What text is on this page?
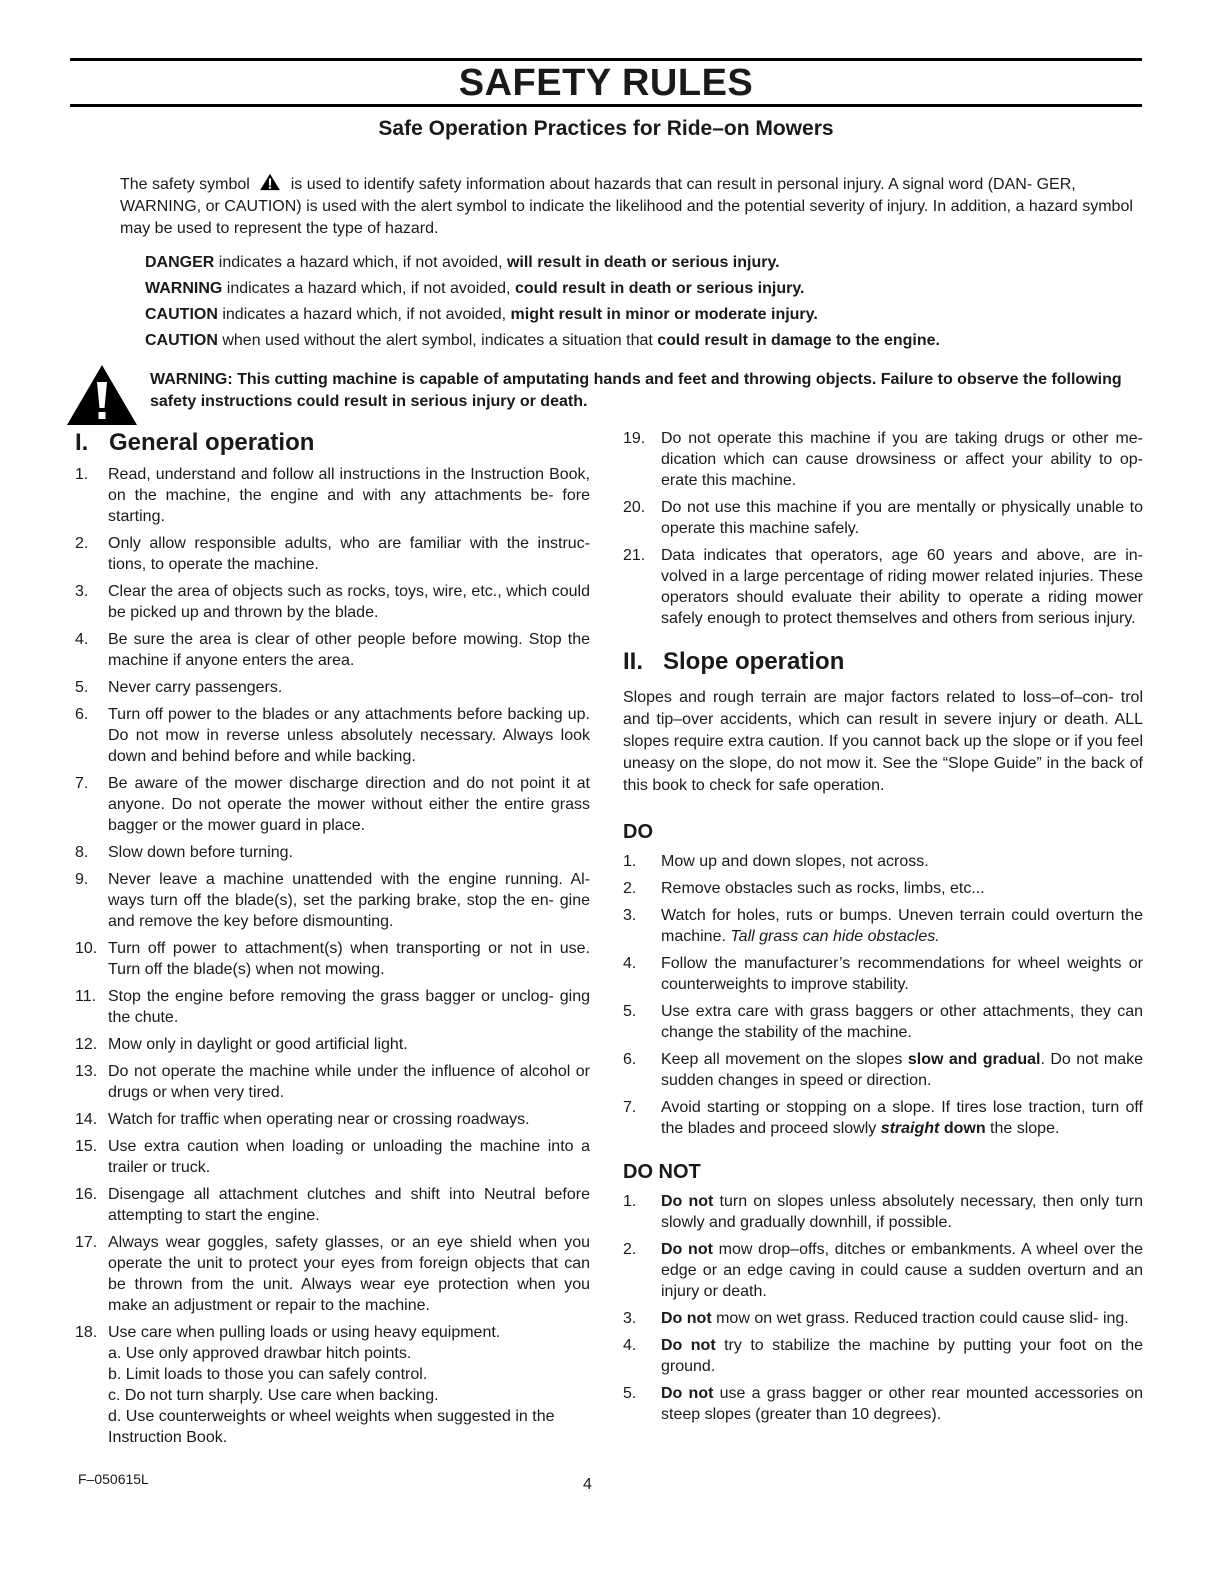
SAFETY RULES
Safe Operation Practices for Ride–on Mowers

The safety symbol	is used to identify safety information about hazards that can result in personal injury. A signal word (DAN- GER, WARNING, or CAUTION) is used with the alert symbol to indicate the likelihood and the potential severity of injury. In addition, a hazard symbol may be used to represent the type of hazard.

DANGER indicates a hazard which, if not avoided, will result in death or serious injury.

WARNING indicates a hazard which, if not avoided, could result in death or serious injury.

CAUTION indicates a hazard which, if not avoided, might result in minor or moderate injury.

CAUTION when used without the alert symbol, indicates a situation that could result in damage to the engine.

WARNING: This cutting machine is capable of amputating hands and feet and throwing objects. Failure to observe the following safety instructions could result in serious injury or death.

I. General operation
1. Read, understand and follow all instructions in the Instruction Book, on the machine, the engine and with any attachments be- fore starting.
2. Only allow responsible adults, who are familiar with the instruc- tions, to operate the machine.
3. Clear the area of objects such as rocks, toys, wire, etc., which could be picked up and thrown by the blade.
4. Be sure the area is clear of other people before mowing. Stop the machine if anyone enters the area.
5. Never carry passengers.
6. Turn off power to the blades or any attachments before backing up. Do not mow in reverse unless absolutely necessary. Always look down and behind before and while backing.
7. Be aware of the mower discharge direction and do not point it at anyone. Do not operate the mower without either the entire grass bagger or the mower guard in place.
8. Slow down before turning.
9. Never leave a machine unattended with the engine running. Al- ways turn off the blade(s), set the parking brake, stop the en- gine and remove the key before dismounting.
10. Turn off power to attachment(s) when transporting or not in use. Turn off the blade(s) when not mowing.
11. Stop the engine before removing the grass bagger or unclog- ging the chute.
12. Mow only in daylight or good artificial light.
13. Do not operate the machine while under the influence of alcohol or drugs or when very tired.
14. Watch for traffic when operating near or crossing roadways.
15. Use extra caution when loading or unloading the machine into a trailer or truck.
16. Disengage all attachment clutches and shift into Neutral before attempting to start the engine.
17. Always wear goggles, safety glasses, or an eye shield when you operate the unit to protect your eyes from foreign objects that can be thrown from the unit. Always wear eye protection when you make an adjustment or repair to the machine.
18. Use care when pulling loads or using heavy equipment.
a. Use only approved drawbar hitch points.
b. Limit loads to those you can safely control.
c. Do not turn sharply. Use care when backing.
d. Use counterweights or wheel weights when suggested in the Instruction Book.
19. Do not operate this machine if you are taking drugs or other me- dication which can cause drowsiness or affect your ability to op- erate this machine.
20. Do not use this machine if you are mentally or physically unable to operate this machine safely.
21. Data indicates that operators, age 60 years and above, are in- volved in a large percentage of riding mower related injuries. These operators should evaluate their ability to operate a riding mower safely enough to protect themselves and others from serious injury.
II. Slope operation

Slopes and rough terrain are major factors related to loss–of–con- trol and tip–over accidents, which can result in severe injury or death. ALL slopes require extra caution. If you cannot back up the slope or if you feel uneasy on the slope, do not mow it. See the “Slope Guide” in the back of this book to check for safe operation.

DO
1. Mow up and down slopes, not across.
2. Remove obstacles such as rocks, limbs, etc...
3. Watch for holes, ruts or bumps. Uneven terrain could overturn the machine. Tall grass can hide obstacles.
4. Follow the manufacturer’s recommendations for wheel weights or counterweights to improve stability.
5. Use extra care with grass baggers or other attachments, they can change the stability of the machine.
6. Keep all movement on the slopes slow and gradual. Do not make sudden changes in speed or direction.
7. Avoid starting or stopping on a slope. If tires lose traction, turn off the blades and proceed slowly straight down the slope.
DO NOT
1. Do not turn on slopes unless absolutely necessary, then only turn slowly and gradually downhill, if possible.
2. Do not mow drop–offs, ditches or embankments. A wheel over the edge or an edge caving in could cause a sudden overturn and an injury or death.
3. Do not mow on wet grass. Reduced traction could cause slid- ing.
4. Do not try to stabilize the machine by putting your foot on the ground.
5. Do not use a grass bagger or other rear mounted accessories on steep slopes (greater than 10 degrees).

F–050615L	4
